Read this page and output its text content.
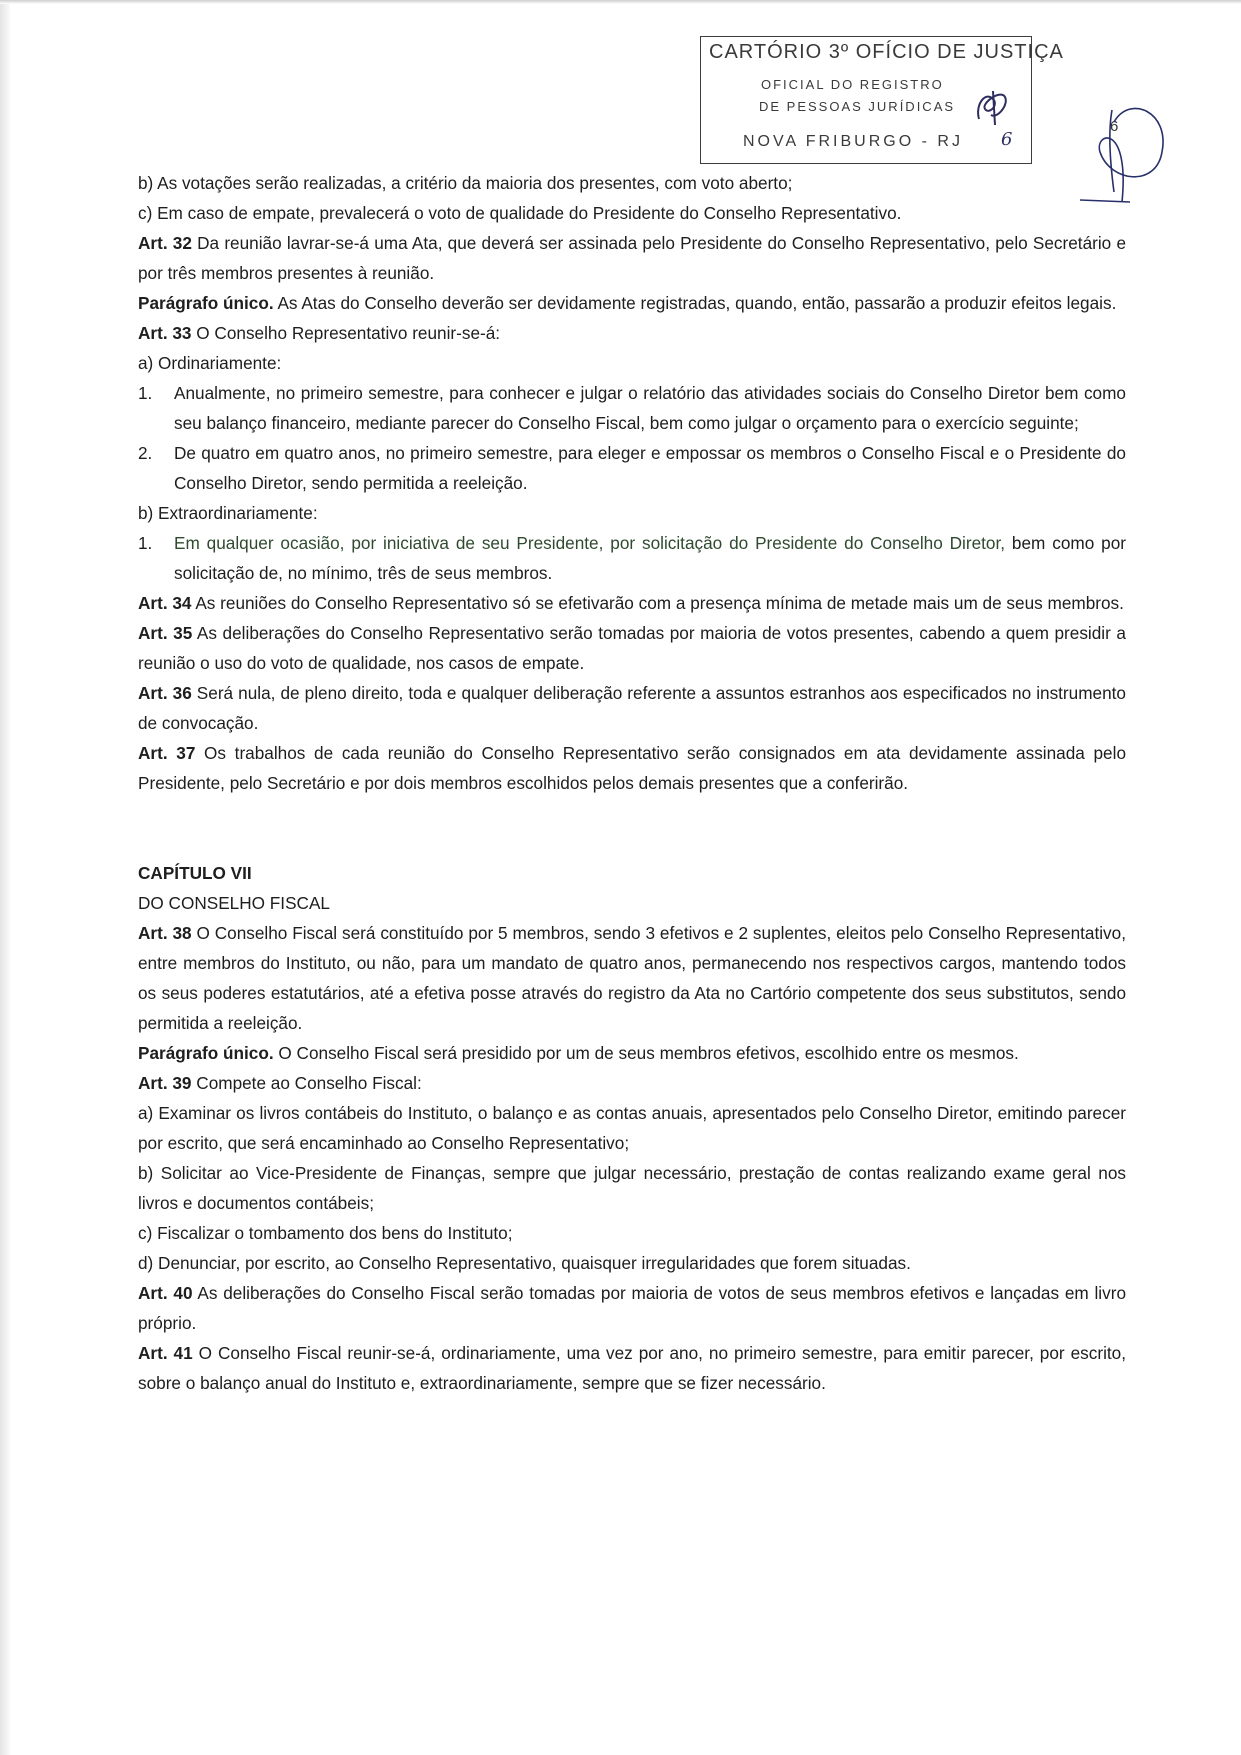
CARTÓRIO 3º OFÍCIO DE JUSTIÇA
OFICIAL DO REGISTRO
DE PESSOAS JURÍDICAS
NOVA FRIBURGO - RJ 6
6

b) As votações serão realizadas, a critério da maioria dos presentes, com voto aberto;

c) Em caso de empate, prevalecerá o voto de qualidade do Presidente do Conselho Representativo.

Art. 32 Da reunião lavrar-se-á uma Ata, que deverá ser assinada pelo Presidente do Conselho Representativo, pelo Secretário e por três membros presentes à reunião.

Parágrafo único. As Atas do Conselho deverão ser devidamente registradas, quando, então, passarão a produzir efeitos legais.

Art. 33 O Conselho Representativo reunir-se-á:

a) Ordinariamente:

1. Anualmente, no primeiro semestre, para conhecer e julgar o relatório das atividades sociais do Conselho Diretor bem como seu balanço financeiro, mediante parecer do Conselho Fiscal, bem como julgar o orçamento para o exercício seguinte;
2. De quatro em quatro anos, no primeiro semestre, para eleger e empossar os membros o Conselho Fiscal e o Presidente do Conselho Diretor, sendo permitida a reeleição.

b) Extraordinariamente:

1. Em qualquer ocasião, por iniciativa de seu Presidente, por solicitação do Presidente do Conselho Diretor, bem como por solicitação de, no mínimo, três de seus membros.

Art. 34 As reuniões do Conselho Representativo só se efetivarão com a presença mínima de metade mais um de seus membros.

Art. 35 As deliberações do Conselho Representativo serão tomadas por maioria de votos presentes, cabendo a quem presidir a reunião o uso do voto de qualidade, nos casos de empate.

Art. 36 Será nula, de pleno direito, toda e qualquer deliberação referente a assuntos estranhos aos especificados no instrumento de convocação.

Art. 37 Os trabalhos de cada reunião do Conselho Representativo serão consignados em ata devidamente assinada pelo Presidente, pelo Secretário e por dois membros escolhidos pelos demais presentes que a conferirão.

CAPÍTULO VII

DO CONSELHO FISCAL

Art. 38 O Conselho Fiscal será constituído por 5 membros, sendo 3 efetivos e 2 suplentes, eleitos pelo Conselho Representativo, entre membros do Instituto, ou não, para um mandato de quatro anos, permanecendo nos respectivos cargos, mantendo todos os seus poderes estatutários, até a efetiva posse através do registro da Ata no Cartório competente dos seus substitutos, sendo permitida a reeleição.

Parágrafo único. O Conselho Fiscal será presidido por um de seus membros efetivos, escolhido entre os mesmos.

Art. 39 Compete ao Conselho Fiscal:

a) Examinar os livros contábeis do Instituto, o balanço e as contas anuais, apresentados pelo Conselho Diretor, emitindo parecer por escrito, que será encaminhado ao Conselho Representativo;

b) Solicitar ao Vice-Presidente de Finanças, sempre que julgar necessário, prestação de contas realizando exame geral nos livros e documentos contábeis;

c) Fiscalizar o tombamento dos bens do Instituto;

d) Denunciar, por escrito, ao Conselho Representativo, quaisquer irregularidades que forem situadas.

Art. 40 As deliberações do Conselho Fiscal serão tomadas por maioria de votos de seus membros efetivos e lançadas em livro próprio.

Art. 41 O Conselho Fiscal reunir-se-á, ordinariamente, uma vez por ano, no primeiro semestre, para emitir parecer, por escrito, sobre o balanço anual do Instituto e, extraordinariamente, sempre que se fizer necessário.
